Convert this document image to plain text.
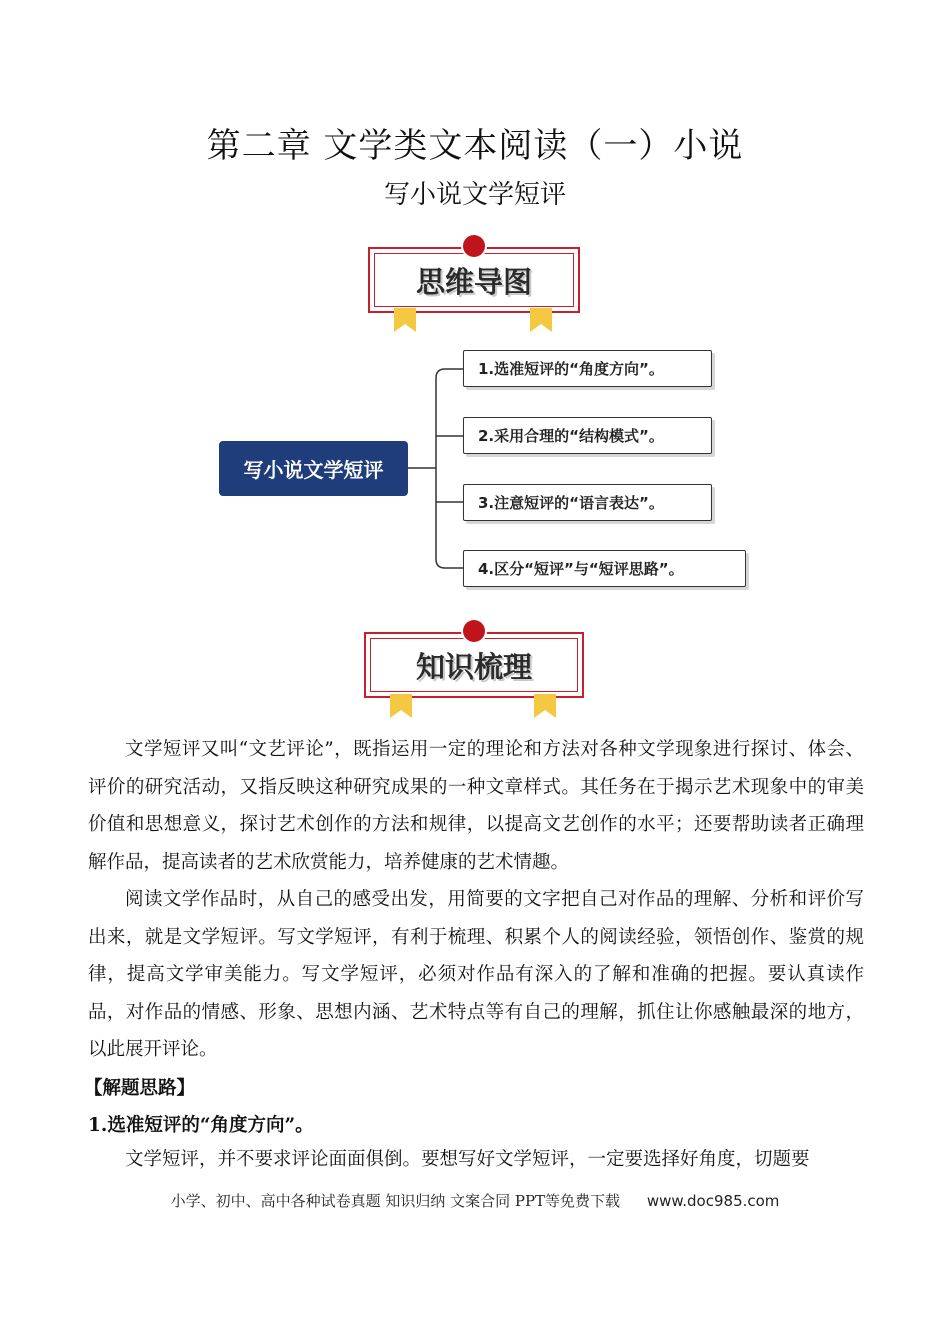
第二章 文学类文本阅读（一）小说
写小说文学短评
思维导图
写小说文学短评
1.选准短评的“角度方向”。
2.采用合理的“结构模式”。
3.注意短评的“语言表达”。
4.区分“短评”与“短评思路”。
知识梳理

文学短评又叫“文艺评论”，既指运用一定的理论和方法对各种文学现象进行探讨、体会、评价的研究活动，又指反映这种研究成果的一种文章样式。其任务在于揭示艺术现象中的审美价值和思想意义，探讨艺术创作的方法和规律，以提高文艺创作的水平；还要帮助读者正确理解作品，提高读者的艺术欣赏能力，培养健康的艺术情趣。

阅读文学作品时，从自己的感受出发，用简要的文字把自己对作品的理解、分析和评价写出来，就是文学短评。写文学短评，有利于梳理、积累个人的阅读经验，领悟创作、鉴赏的规律，提高文学审美能力。写文学短评，必须对作品有深入的了解和准确的把握。要认真读作品，对作品的情感、形象、思想内涵、艺术特点等有自己的理解，抓住让你感触最深的地方，以此展开评论。

【解题思路】
1.选准短评的“角度方向”。

文学短评，并不要求评论面面俱倒。要想写好文学短评，一定要选择好角度，切题要

小学、初中、高中各种试卷真题 知识归纳 文案合同 PPT等免费下载 www.doc985.com
